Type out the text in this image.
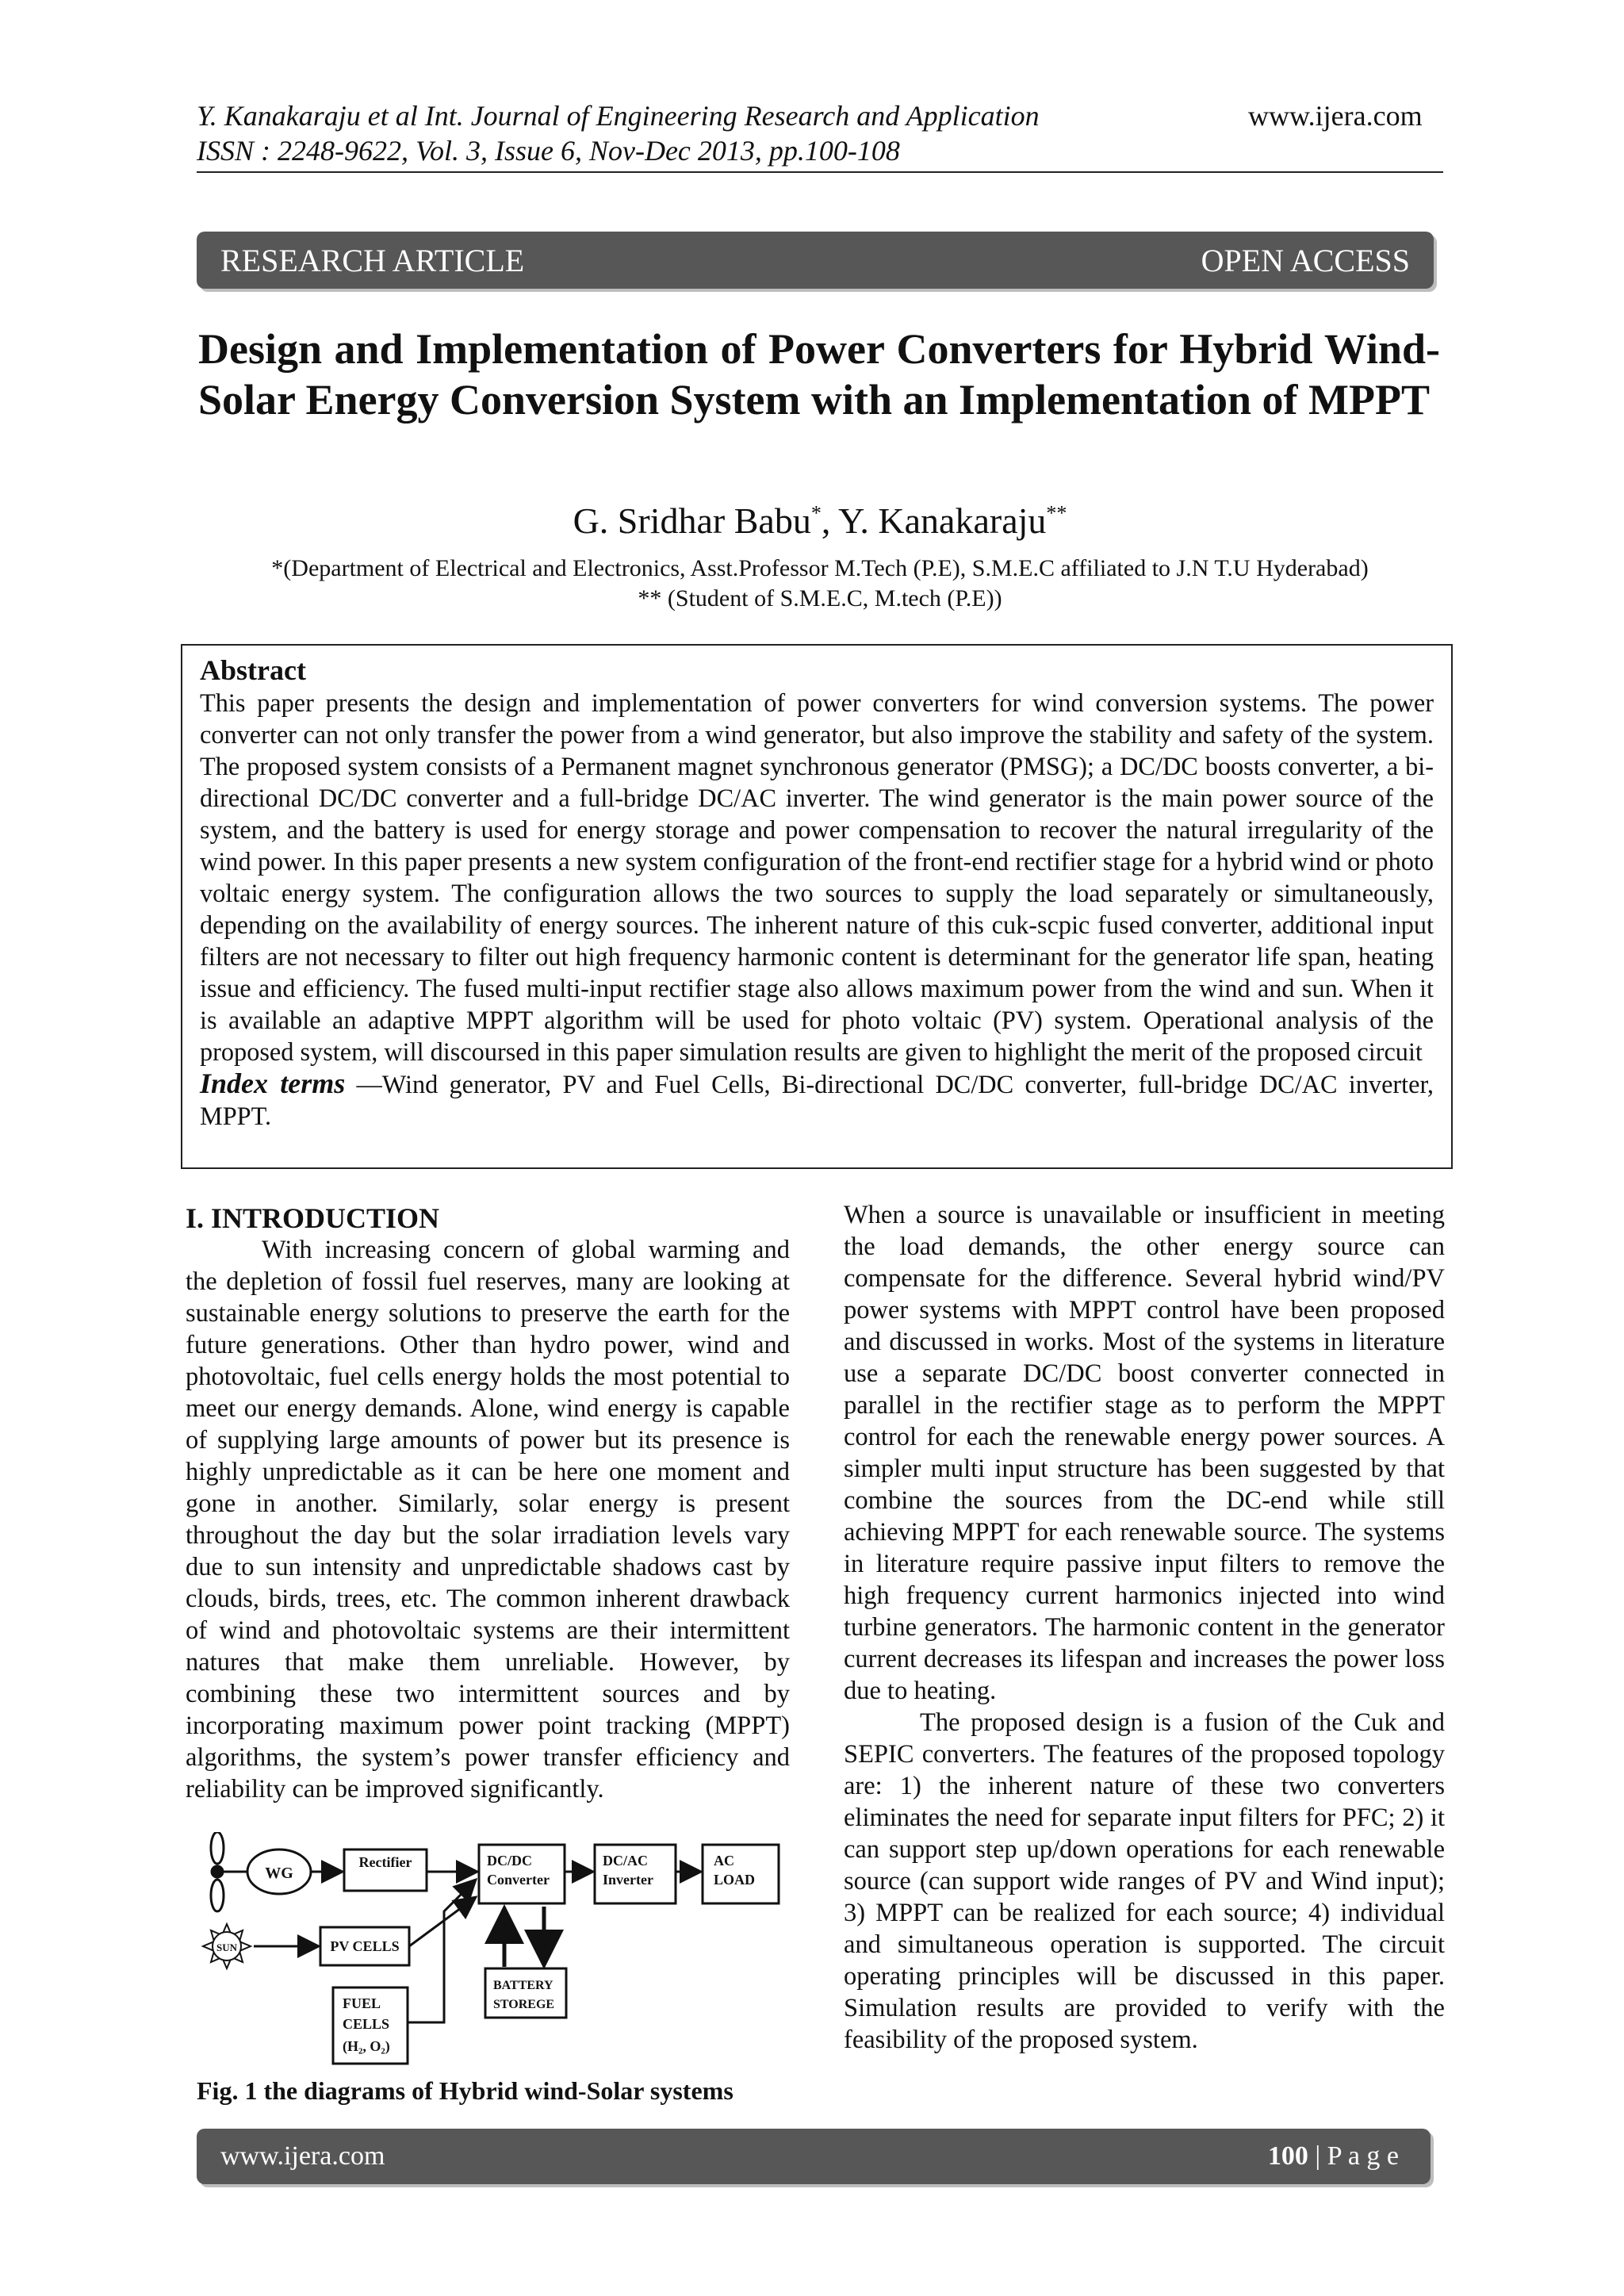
Y. Kanakaraju et al Int. Journal of Engineering Research and Application	www.ijera.com
ISSN : 2248-9622, Vol. 3, Issue 6, Nov-Dec 2013, pp.100-108
RESEARCH ARTICLE	OPEN ACCESS
Design and Implementation of Power Converters for Hybrid Wind-Solar Energy Conversion System with an Implementation of MPPT
G. Sridhar Babu*, Y. Kanakaraju**
*(Department of Electrical and Electronics, Asst.Professor M.Tech (P.E), S.M.E.C affiliated to J.N T.U Hyderabad)
** (Student of S.M.E.C, M.tech (P.E))
Abstract
This paper presents the design and implementation of power converters for wind conversion systems. The power converter can not only transfer the power from a wind generator, but also improve the stability and safety of the system. The proposed system consists of a Permanent magnet synchronous generator (PMSG); a DC/DC boosts converter, a bi-directional DC/DC converter and a full-bridge DC/AC inverter. The wind generator is the main power source of the system, and the battery is used for energy storage and power compensation to recover the natural irregularity of the wind power. In this paper presents a new system configuration of the front-end rectifier stage for a hybrid wind or photo voltaic energy system. The configuration allows the two sources to supply the load separately or simultaneously, depending on the availability of energy sources. The inherent nature of this cuk-scpic fused converter, additional input filters are not necessary to filter out high frequency harmonic content is determinant for the generator life span, heating issue and efficiency. The fused multi-input rectifier stage also allows maximum power from the wind and sun. When it is available an adaptive MPPT algorithm will be used for photo voltaic (PV) system. Operational analysis of the proposed system, will discoursed in this paper simulation results are given to highlight the merit of the proposed circuit
Index terms —Wind generator, PV and Fuel Cells, Bi-directional DC/DC converter, full-bridge DC/AC inverter, MPPT.
I. INTRODUCTION

With increasing concern of global warming and the depletion of fossil fuel reserves, many are looking at sustainable energy solutions to preserve the earth for the future generations. Other than hydro power, wind and photovoltaic, fuel cells energy holds the most potential to meet our energy demands. Alone, wind energy is capable of supplying large amounts of power but its presence is highly unpredictable as it can be here one moment and gone in another. Similarly, solar energy is present throughout the day but the solar irradiation levels vary due to sun intensity and unpredictable shadows cast by clouds, birds, trees, etc. The common inherent drawback of wind and photovoltaic systems are their intermittent natures that make them unreliable. However, by combining these two intermittent sources and by incorporating maximum power point tracking (MPPT) algorithms, the system’s power transfer efficiency and reliability can be improved significantly.

WG
Rectifier	DC/DC
Converter
DC/AC
Inverter
AC
LOAD
SUN	PV CELLS
BATTERY
STOREGE
FUEL
CELLS
(H₂, O₂)
Fig. 1 the diagrams of Hybrid wind-Solar systems

When a source is unavailable or insufficient in meeting the load demands, the other energy source can compensate for the difference. Several hybrid wind/PV power systems with MPPT control have been proposed and discussed in works. Most of the systems in literature use a separate DC/DC boost converter connected in parallel in the rectifier stage as to perform the MPPT control for each the renewable energy power sources. A simpler multi input structure has been suggested by that combine the sources from the DC-end while still achieving MPPT for each renewable source. The systems in literature require passive input filters to remove the high frequency current harmonics injected into wind turbine generators. The harmonic content in the generator current decreases its lifespan and increases the power loss due to heating.

The proposed design is a fusion of the Cuk and SEPIC converters. The features of the proposed topology are: 1) the inherent nature of these two converters eliminates the need for separate input filters for PFC; 2) it can support step up/down operations for each renewable source (can support wide ranges of PV and Wind input); 3) MPPT can be realized for each source; 4) individual and simultaneous operation is supported. The circuit operating principles will be discussed in this paper. Simulation results are provided to verify with the feasibility of the proposed system.

www.ijera.com	100 | P a g e
